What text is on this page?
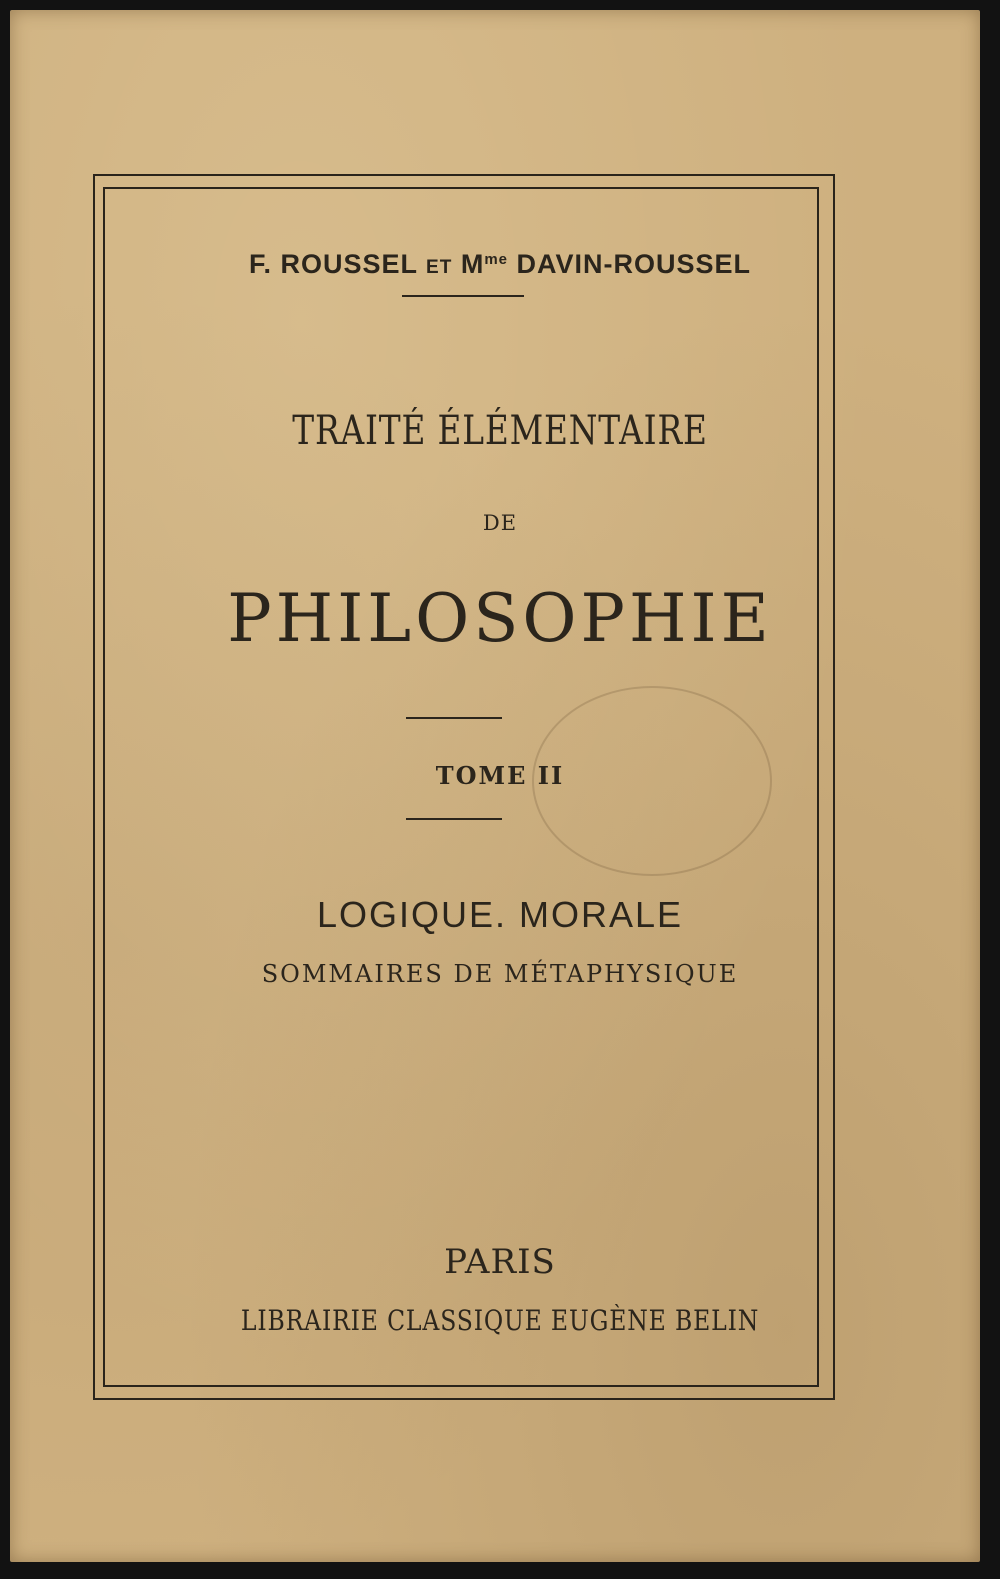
F. ROUSSEL ET $M^{me}$ DAVIN-ROUSSEL
TRAITÉ ÉLÉMENTAIRE
DE
PHILOSOPHIE
TOME II
LOGIQUE. MORALE
SOMMAIRES DE MÉTAPHYSIQUE
PARIS
LIBRAIRIE CLASSIQUE EUGÈNE BELIN
